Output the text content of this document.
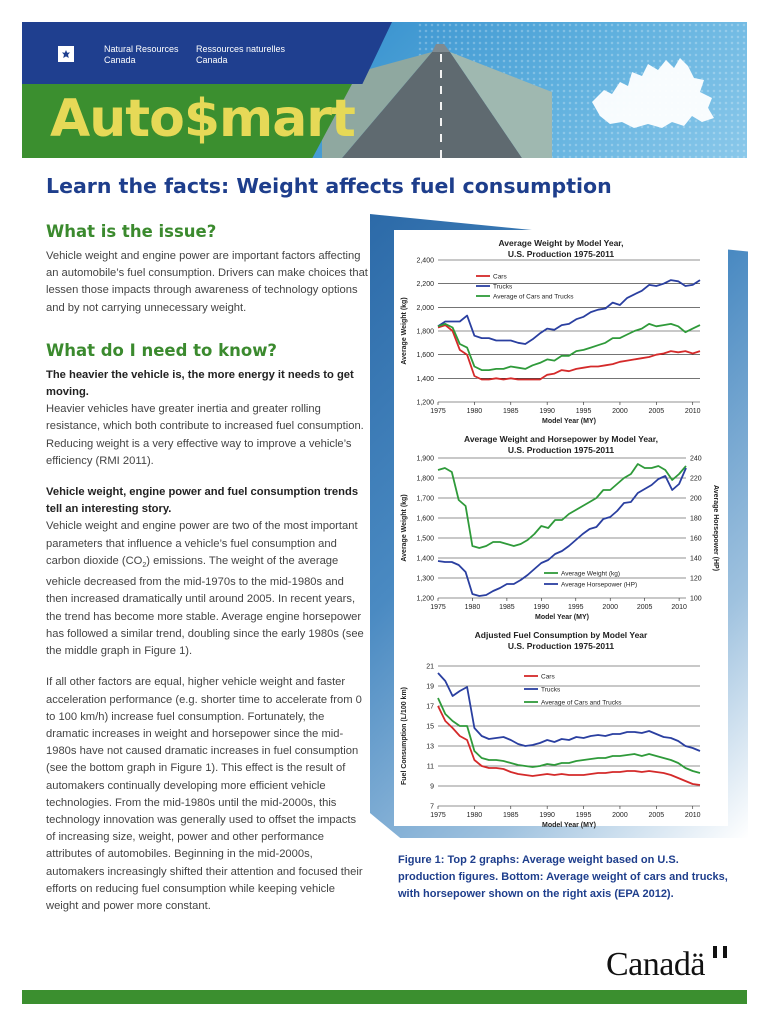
Natural Resources
Canada
Ressources naturelles
Canada
Auto$mart
Learn the facts: Weight affects fuel consumption
What is the issue?
Vehicle weight and engine power are important factors affecting an automobile’s fuel consumption. Drivers can make choices that lessen those impacts through awareness of technology options and by not carrying unnecessary weight.
What do I need to know?
The heavier the vehicle is, the more energy it needs to get moving.
Heavier vehicles have greater inertia and greater rolling resistance, which both contribute to increased fuel consumption. Reducing weight is a very effective way to improve a vehicle’s efficiency (RMI 2011).
Vehicle weight, engine power and fuel consumption trends tell an interesting story.
Vehicle weight and engine power are two of the most important parameters that influence a vehicle’s fuel consumption and carbon dioxide $(CO_2)$ emissions. The weight of the average vehicle decreased from the mid-1970s to the mid-1980s and then increased dramatically until around 2005. In recent years, the trend has become more stable. Average engine horsepower has followed a similar trend, doubling since the early 1980s (see the middle graph in Figure 1).
If all other factors are equal, higher vehicle weight and faster acceleration performance (e.g. shorter time to accelerate from 0 to 100 km/h) increase fuel consumption. Fortunately, the dramatic increases in weight and horsepower since the mid-1980s have not caused dramatic increases in fuel consumption (see the bottom graph in Figure 1). This effect is the result of automakers continually developing more efficient vehicle technologies. From the mid-1980s until the mid-2000s, this technology innovation was generally used to offset the impacts of increasing size, weight, power and other performance attributes of automobiles. Beginning in the mid-2000s, automakers increasingly shifted their attention and focused their efforts on reducing fuel consumption while keeping vehicle weight and power more constant.
Average Weight by Model Year,
U.S. Production 1975-2011
1,200
1,400
1,600
1,800
2,000
2,200
2,400
1975	1980	1985	1990	1995	2000	2005	2010
Model Year (MY)
Average Weight (kg)
Cars
Trucks
Average of Cars and Trucks
Average Weight and Horsepower by Model Year,
U.S. Production 1975-2011
1,200
1,300
1,400
1,500
1,600
1,700
1,800
1,900
1975	1980	1985	1990	1995	2000	2005	2010
100
120
140
160
180
200
220
240
Average Horsepower (HP)
Model Year (MY)
Average Weight (kg)
Average Weight (kg)
Average Horsepower (HP)
Adjusted Fuel Consumption by Model Year
U.S. Production 1975-2011
7
9
11
13
15
17
19
21
1975	1980	1985	1990	1995	2000	2005	2010
Model Year (MY)
Fuel Consumption (L/100 km)
Cars
Trucks
Average of Cars and Trucks
Figure 1: Top 2 graphs: Average weight based on U.S. production figures. Bottom: Average weight of cars and trucks, with horsepower shown on the right axis (EPA 2012).
Canadä
